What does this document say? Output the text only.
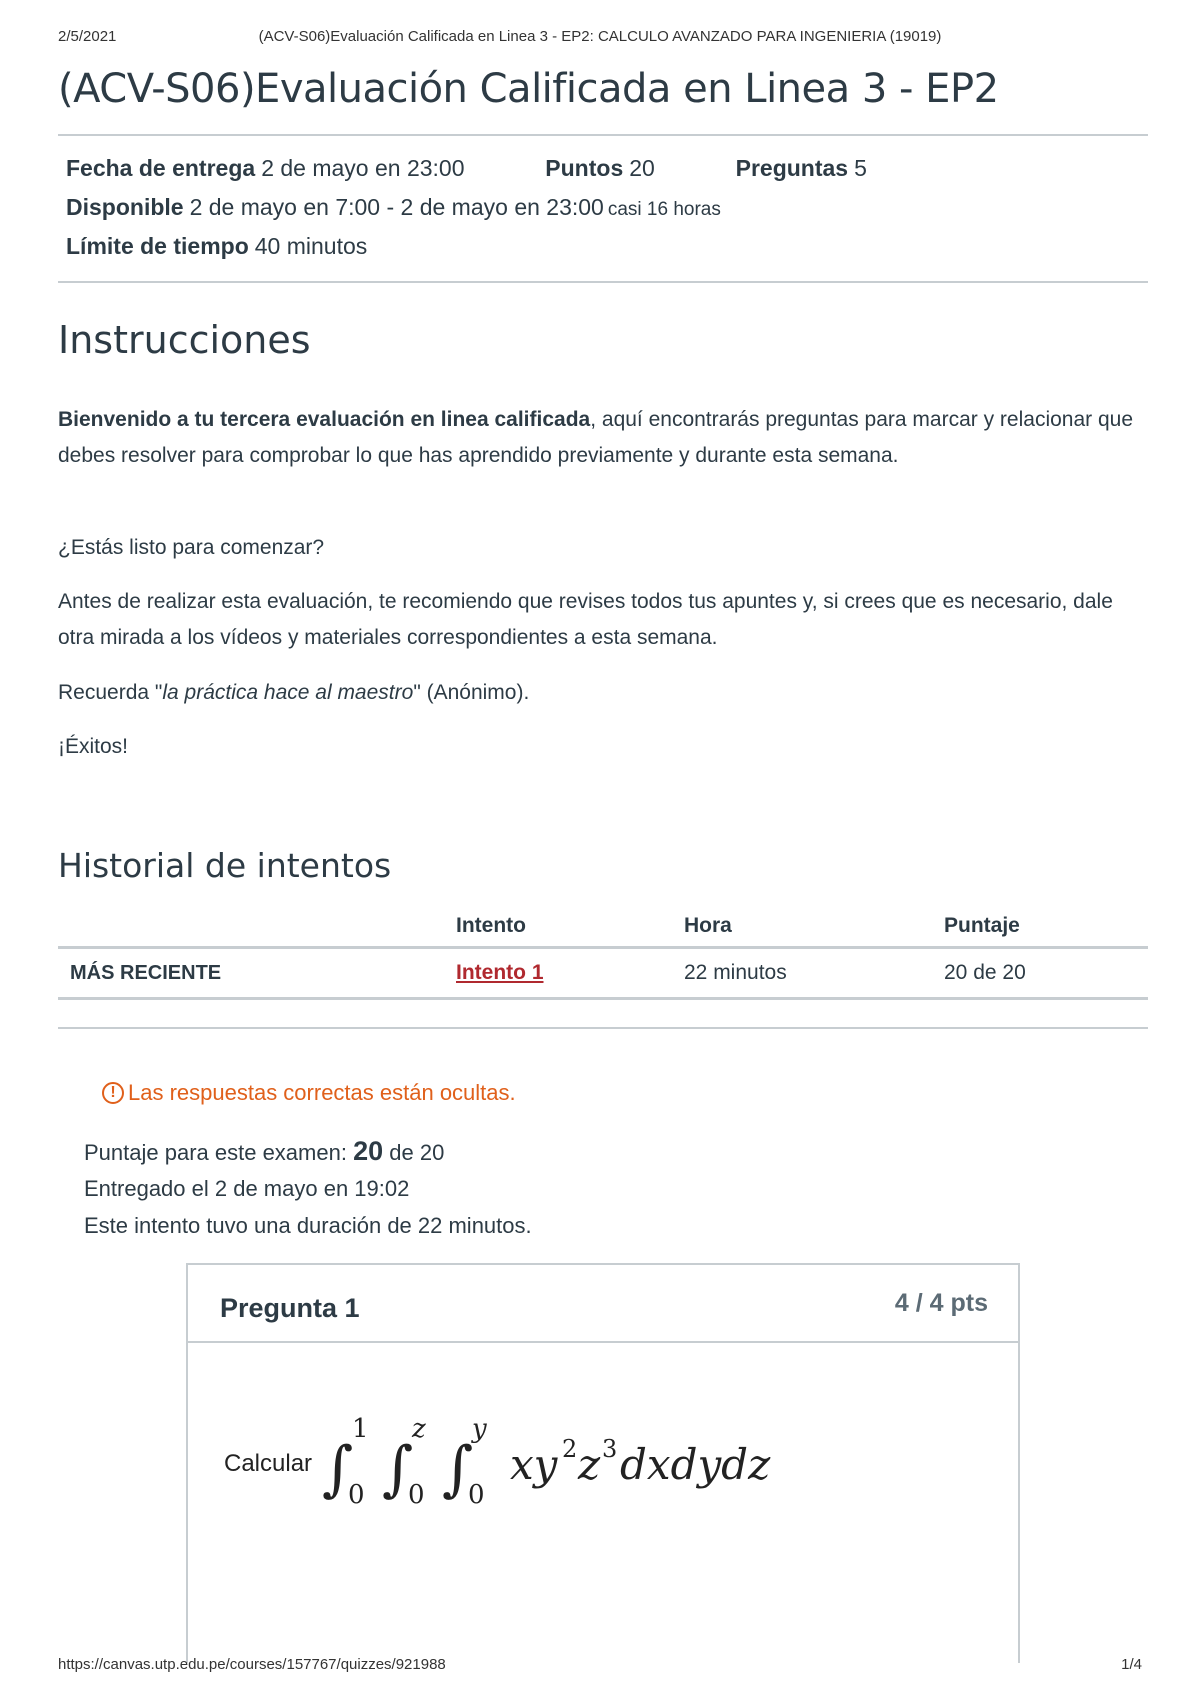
2/5/2021	(ACV-S06)Evaluación Calificada en Linea 3 - EP2: CALCULO AVANZADO PARA INGENIERIA (19019)
(ACV-S06)Evaluación Calificada en Linea 3 - EP2
Fecha de entrega 2 de mayo en 23:00	Puntos 20	Preguntas 5
Disponible 2 de mayo en 7:00 - 2 de mayo en 23:00 casi 16 horas
Límite de tiempo 40 minutos
Instrucciones

Bienvenido a tu tercera evaluación en linea calificada, aquí encontrarás preguntas para marcar y relacionar que debes resolver para comprobar lo que has aprendido previamente y durante esta semana.

¿Estás listo para comenzar?

Antes de realizar esta evaluación, te recomiendo que revises todos tus apuntes y, si crees que es necesario, dale otra mirada a los vídeos y materiales correspondientes a esta semana.

Recuerda "la práctica hace al maestro" (Anónimo).

¡Éxitos!

Historial de intentos
	Intento	Hora	Puntaje
MÁS RECIENTE	Intento 1	22 minutos	20 de 20
! Las respuestas correctas están ocultas.
Puntaje para este examen: 20 de 20
Entregado el 2 de mayo en 19:02
Este intento tuvo una duración de 22 minutos.
Pregunta 1	4 / 4 pts
Calcular ∫
1
0 ∫
z
0 ∫
y
0
xy 2 z 3 dxdydz
https://canvas.utp.edu.pe/courses/157767/quizzes/921988	1/4
